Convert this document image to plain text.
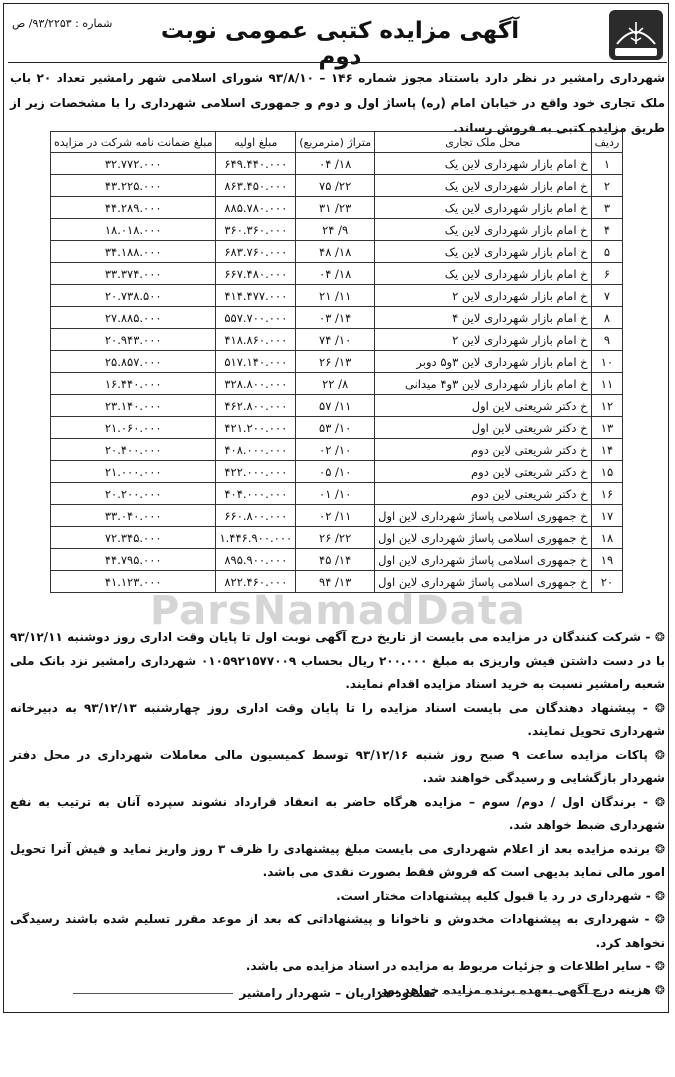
شماره : ۹۳/۲۲۵۳/ ص	آگهی مزایده کتبی عمومی نوبت دوم
شهرداری رامشیر در نظر دارد باستناد مجوز شماره ۱۴۶ – ۹۳/۸/۱۰ شورای اسلامی شهر رامشیر تعداد ۲۰ باب ملک تجاری خود واقع در خیابان امام (ره) پاساژ اول و دوم و جمهوری اسلامی شهرداری را با مشخصات زیر از طریق مزایده کتبی به فروش رساند.
ردیف	محل ملک تجاری	متراژ (مترمربع)	مبلغ اولیه	مبلغ ضمانت نامه شرکت در مزایده
۱	خ امام بازار شهرداری لاین یک	۱۸/ ۰۴	۶۴۹.۴۴۰.۰۰۰	۳۲.۷۷۲.۰۰۰
۲	خ امام بازار شهرداری لاین یک	۲۲/ ۷۵	۸۶۳.۴۵۰.۰۰۰	۴۳.۲۲۵.۰۰۰
۳	خ امام بازار شهرداری لاین یک	۲۳/ ۳۱	۸۸۵.۷۸۰.۰۰۰	۴۴.۲۸۹.۰۰۰
۴	خ امام بازار شهرداری لاین یک	۹/ ۲۴	۳۶۰.۳۶۰.۰۰۰	۱۸.۰۱۸.۰۰۰
۵	خ امام بازار شهرداری لاین یک	۱۸/ ۴۸	۶۸۳.۷۶۰.۰۰۰	۳۴.۱۸۸.۰۰۰
۶	خ امام بازار شهرداری لاین یک	۱۸/ ۰۴	۶۶۷.۴۸۰.۰۰۰	۳۳.۳۷۴.۰۰۰
۷	خ امام بازار شهرداری لاین ۲	۱۱/ ۲۱	۴۱۴.۴۷۷.۰۰۰	۲۰.۷۳۸.۵۰۰
۸	خ امام بازار شهرداری لاین ۴	۱۴/ ۰۳	۵۵۷.۷۰۰.۰۰۰	۲۷.۸۸۵.۰۰۰
۹	خ امام بازار شهرداری لاین ۲	۱۰/ ۷۴	۴۱۸.۸۶۰.۰۰۰	۲۰.۹۴۳.۰۰۰
۱۰	خ امام بازار شهرداری لاین ۳و۵ دوبر	۱۳/ ۲۶	۵۱۷.۱۴۰.۰۰۰	۲۵.۸۵۷.۰۰۰
۱۱	خ امام بازار شهرداری لاین ۳و۴ میدانی	۸/ ۲۲	۳۲۸.۸۰۰.۰۰۰	۱۶.۴۴۰.۰۰۰
۱۲	خ دکتر شریعتی لاین اول	۱۱/ ۵۷	۴۶۲.۸۰۰.۰۰۰	۲۳.۱۴۰.۰۰۰
۱۳	خ دکتر شریعتی لاین اول	۱۰/ ۵۳	۴۲۱.۲۰۰.۰۰۰	۲۱.۰۶۰.۰۰۰
۱۴	خ دکتر شریعتی لاین دوم	۱۰/ ۰۲	۴۰۸.۰۰۰.۰۰۰	۲۰.۴۰۰.۰۰۰
۱۵	خ دکتر شریعتی لاین دوم	۱۰/ ۰۵	۴۲۲.۰۰۰.۰۰۰	۲۱.۰۰۰.۰۰۰
۱۶	خ دکتر شریعتی لاین دوم	۱۰/ ۰۱	۴۰۴.۰۰۰.۰۰۰	۲۰.۲۰۰.۰۰۰
۱۷	خ جمهوری اسلامی پاساژ شهرداری لاین اول	۱۱/ ۰۲	۶۶۰.۸۰۰.۰۰۰	۳۳.۰۴۰.۰۰۰
۱۸	خ جمهوری اسلامی پاساژ شهرداری لاین اول	۲۲/ ۲۶	۱.۴۴۶.۹۰۰.۰۰۰	۷۲.۳۴۵.۰۰۰
۱۹	خ جمهوری اسلامی پاساژ شهرداری لاین اول	۱۴/ ۴۵	۸۹۵.۹۰۰.۰۰۰	۴۴.۷۹۵.۰۰۰
۲۰	خ جمهوری اسلامی پاساژ شهرداری لاین اول	۱۳/ ۹۴	۸۲۲.۴۶۰.۰۰۰	۴۱.۱۲۳.۰۰۰
ParsNamadData

❂ - شرکت کنندگان در مزایده می بایست از تاریخ درج آگهی نوبت اول تا پایان وقت اداری روز دوشنبه ۹۳/۱۲/۱۱ با در دست داشتن فیش واریزی به مبلغ ۲۰۰.۰۰۰ ریال بحساب ۰۱۰۵۹۲۱۵۷۷۰۰۹ شهرداری رامشیر نزد بانک ملی شعبه رامشیر نسبت به خرید اسناد مزایده اقدام نمایند.

❂ - پیشنهاد دهندگان می بایست اسناد مزایده را تا پایان وقت اداری روز چهارشنبه ۹۳/۱۲/۱۳ به دبیرخانه شهرداری تحویل نمایند.

❂ پاکات مزایده ساعت ۹ صبح روز شنبه ۹۳/۱۲/۱۶ توسط کمیسیون مالی معاملات شهرداری در محل دفتر شهردار بازگشایی و رسیدگی خواهند شد.

❂ - برندگان اول / دوم/ سوم – مزایده هرگاه حاضر به انعقاد قرارداد نشوند سپرده آنان به ترتیب به نفع شهرداری ضبط خواهد شد.

❂ برنده مزایده بعد از اعلام شهرداری می بایست مبلغ پیشنهادی را ظرف ۳ روز واریز نماید و فیش آنرا تحویل امور مالی نماید بدیهی است که فروش فقط بصورت نقدی می باشد.

❂ - شهرداری در رد یا قبول کلیه پیشنهادات مختار است.

❂ - شهرداری به پیشنهادات مخدوش و ناخوانا و پیشنهاداتی که بعد از موعد مقرر تسلیم شده باشند رسیدگی نخواهد کرد.

❂ - سایر اطلاعات و جزئیات مربوط به مزایده در اسناد مزایده می باشد.

❂ هزینه درج آگهی بعهده برنده مزایده خواهد بود.

مسعود هزاریان – شهردار رامشیر
